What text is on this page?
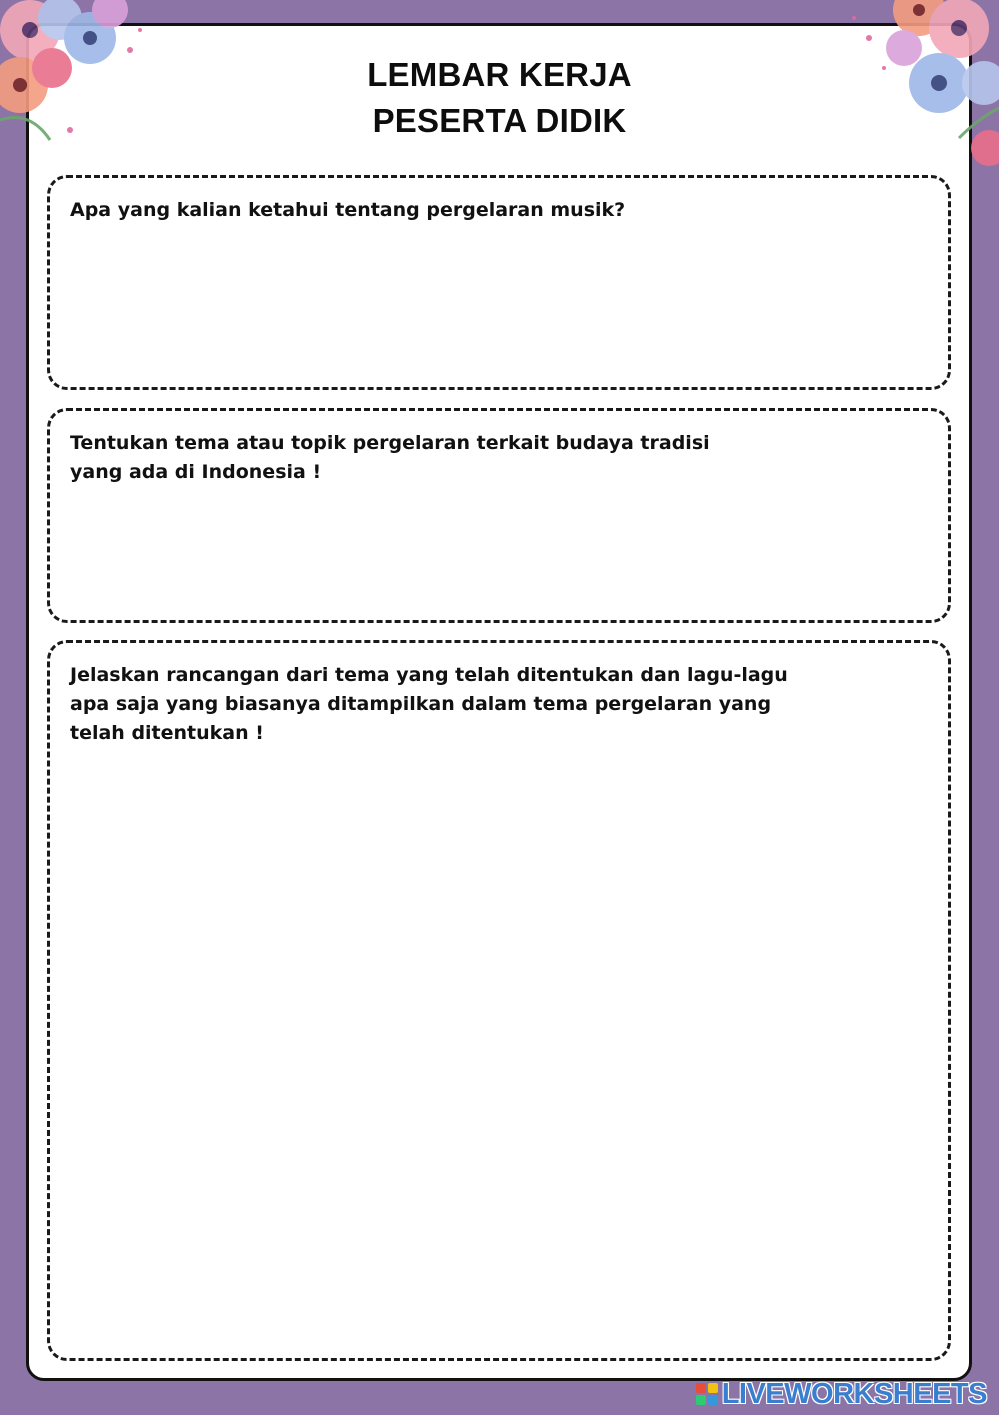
LEMBAR KERJA
PESERTA DIDIK
Apa yang kalian ketahui tentang pergelaran musik?
Tentukan tema atau topik pergelaran terkait budaya tradisi
yang ada di Indonesia !
Jelaskan rancangan dari tema yang telah ditentukan dan lagu-lagu
apa saja yang biasanya ditampilkan dalam tema pergelaran yang
telah ditentukan !
LIVEWORKSHEETS
